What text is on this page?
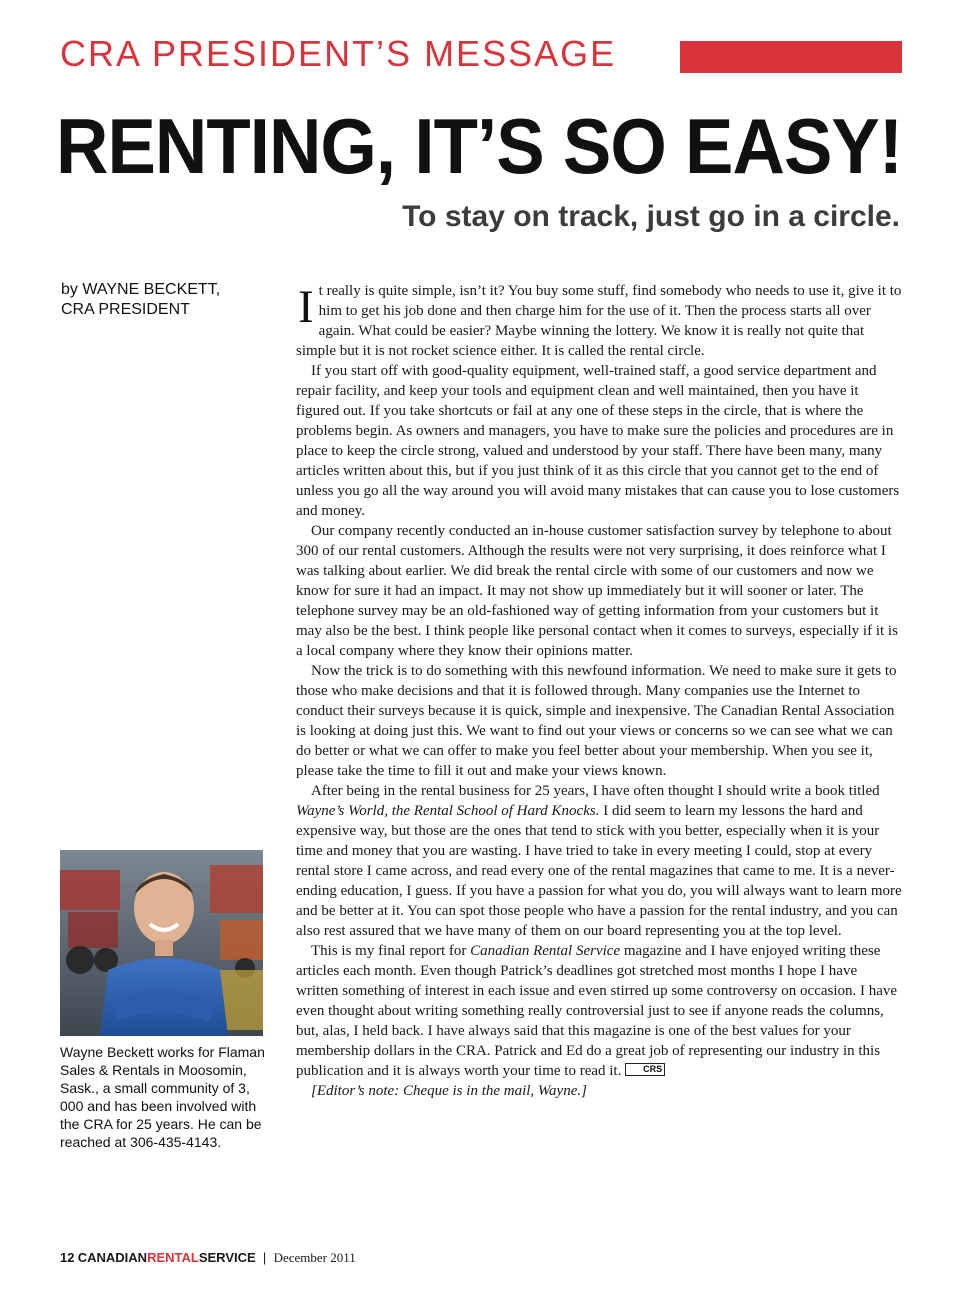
CRA PRESIDENT’S MESSAGE
RENTING, IT’S SO EASY!
To stay on track, just go in a circle.
by WAYNE BECKETT,
CRA PRESIDENT
Wayne Beckett works for Flaman Sales & Rentals in Moosomin, Sask., a small community of 3, 000 and has been involved with the CRA for 25 years. He can be reached at 306-435-4143.

It really is quite simple, isn’t it? You buy some stuff, find somebody who needs to use it, give it to him to get his job done and then charge him for the use of it. Then the process starts all over again. What could be easier? Maybe winning the lottery. We know it is really not quite that simple but it is not rocket science either. It is called the rental circle.

If you start off with good-quality equipment, well-trained staff, a good service department and repair facility, and keep your tools and equipment clean and well maintained, then you have it figured out. If you take shortcuts or fail at any one of these steps in the circle, that is where the problems begin. As owners and managers, you have to make sure the policies and procedures are in place to keep the circle strong, valued and understood by your staff. There have been many, many articles written about this, but if you just think of it as this circle that you cannot get to the end of unless you go all the way around you will avoid many mistakes that can cause you to lose customers and money.

Our company recently conducted an in-house customer satisfaction survey by telephone to about 300 of our rental customers. Although the results were not very surprising, it does reinforce what I was talking about earlier. We did break the rental circle with some of our customers and now we know for sure it had an impact. It may not show up immediately but it will sooner or later. The telephone survey may be an old-fashioned way of getting information from your customers but it may also be the best. I think people like personal contact when it comes to surveys, especially if it is a local company where they know their opinions matter.

Now the trick is to do something with this newfound information. We need to make sure it gets to those who make decisions and that it is followed through. Many companies use the Internet to conduct their surveys because it is quick, simple and inexpensive. The Canadian Rental Association is looking at doing just this. We want to find out your views or concerns so we can see what we can do better or what we can offer to make you feel better about your membership. When you see it, please take the time to fill it out and make your views known.

After being in the rental business for 25 years, I have often thought I should write a book titled Wayne’s World, the Rental School of Hard Knocks. I did seem to learn my lessons the hard and expensive way, but those are the ones that tend to stick with you better, especially when it is your time and money that you are wasting. I have tried to take in every meeting I could, stop at every rental store I came across, and read every one of the rental magazines that came to me. It is a never-ending education, I guess. If you have a passion for what you do, you will always want to learn more and be better at it. You can spot those people who have a passion for the rental industry, and you can also rest assured that we have many of them on our board representing you at the top level.

This is my final report for Canadian Rental Service magazine and I have enjoyed writing these articles each month. Even though Patrick’s deadlines got stretched most months I hope I have written something of interest in each issue and even stirred up some controversy on occasion. I have even thought about writing something really controversial just to see if anyone reads the columns, but, alas, I held back. I have always said that this magazine is one of the best values for your membership dollars in the CRA. Patrick and Ed do a great job of representing our industry in this publication and it is always worth your time to read it. CRS

[Editor’s note: Cheque is in the mail, Wayne.]

12 CANADIANRENTALSERVICE | December 2011
